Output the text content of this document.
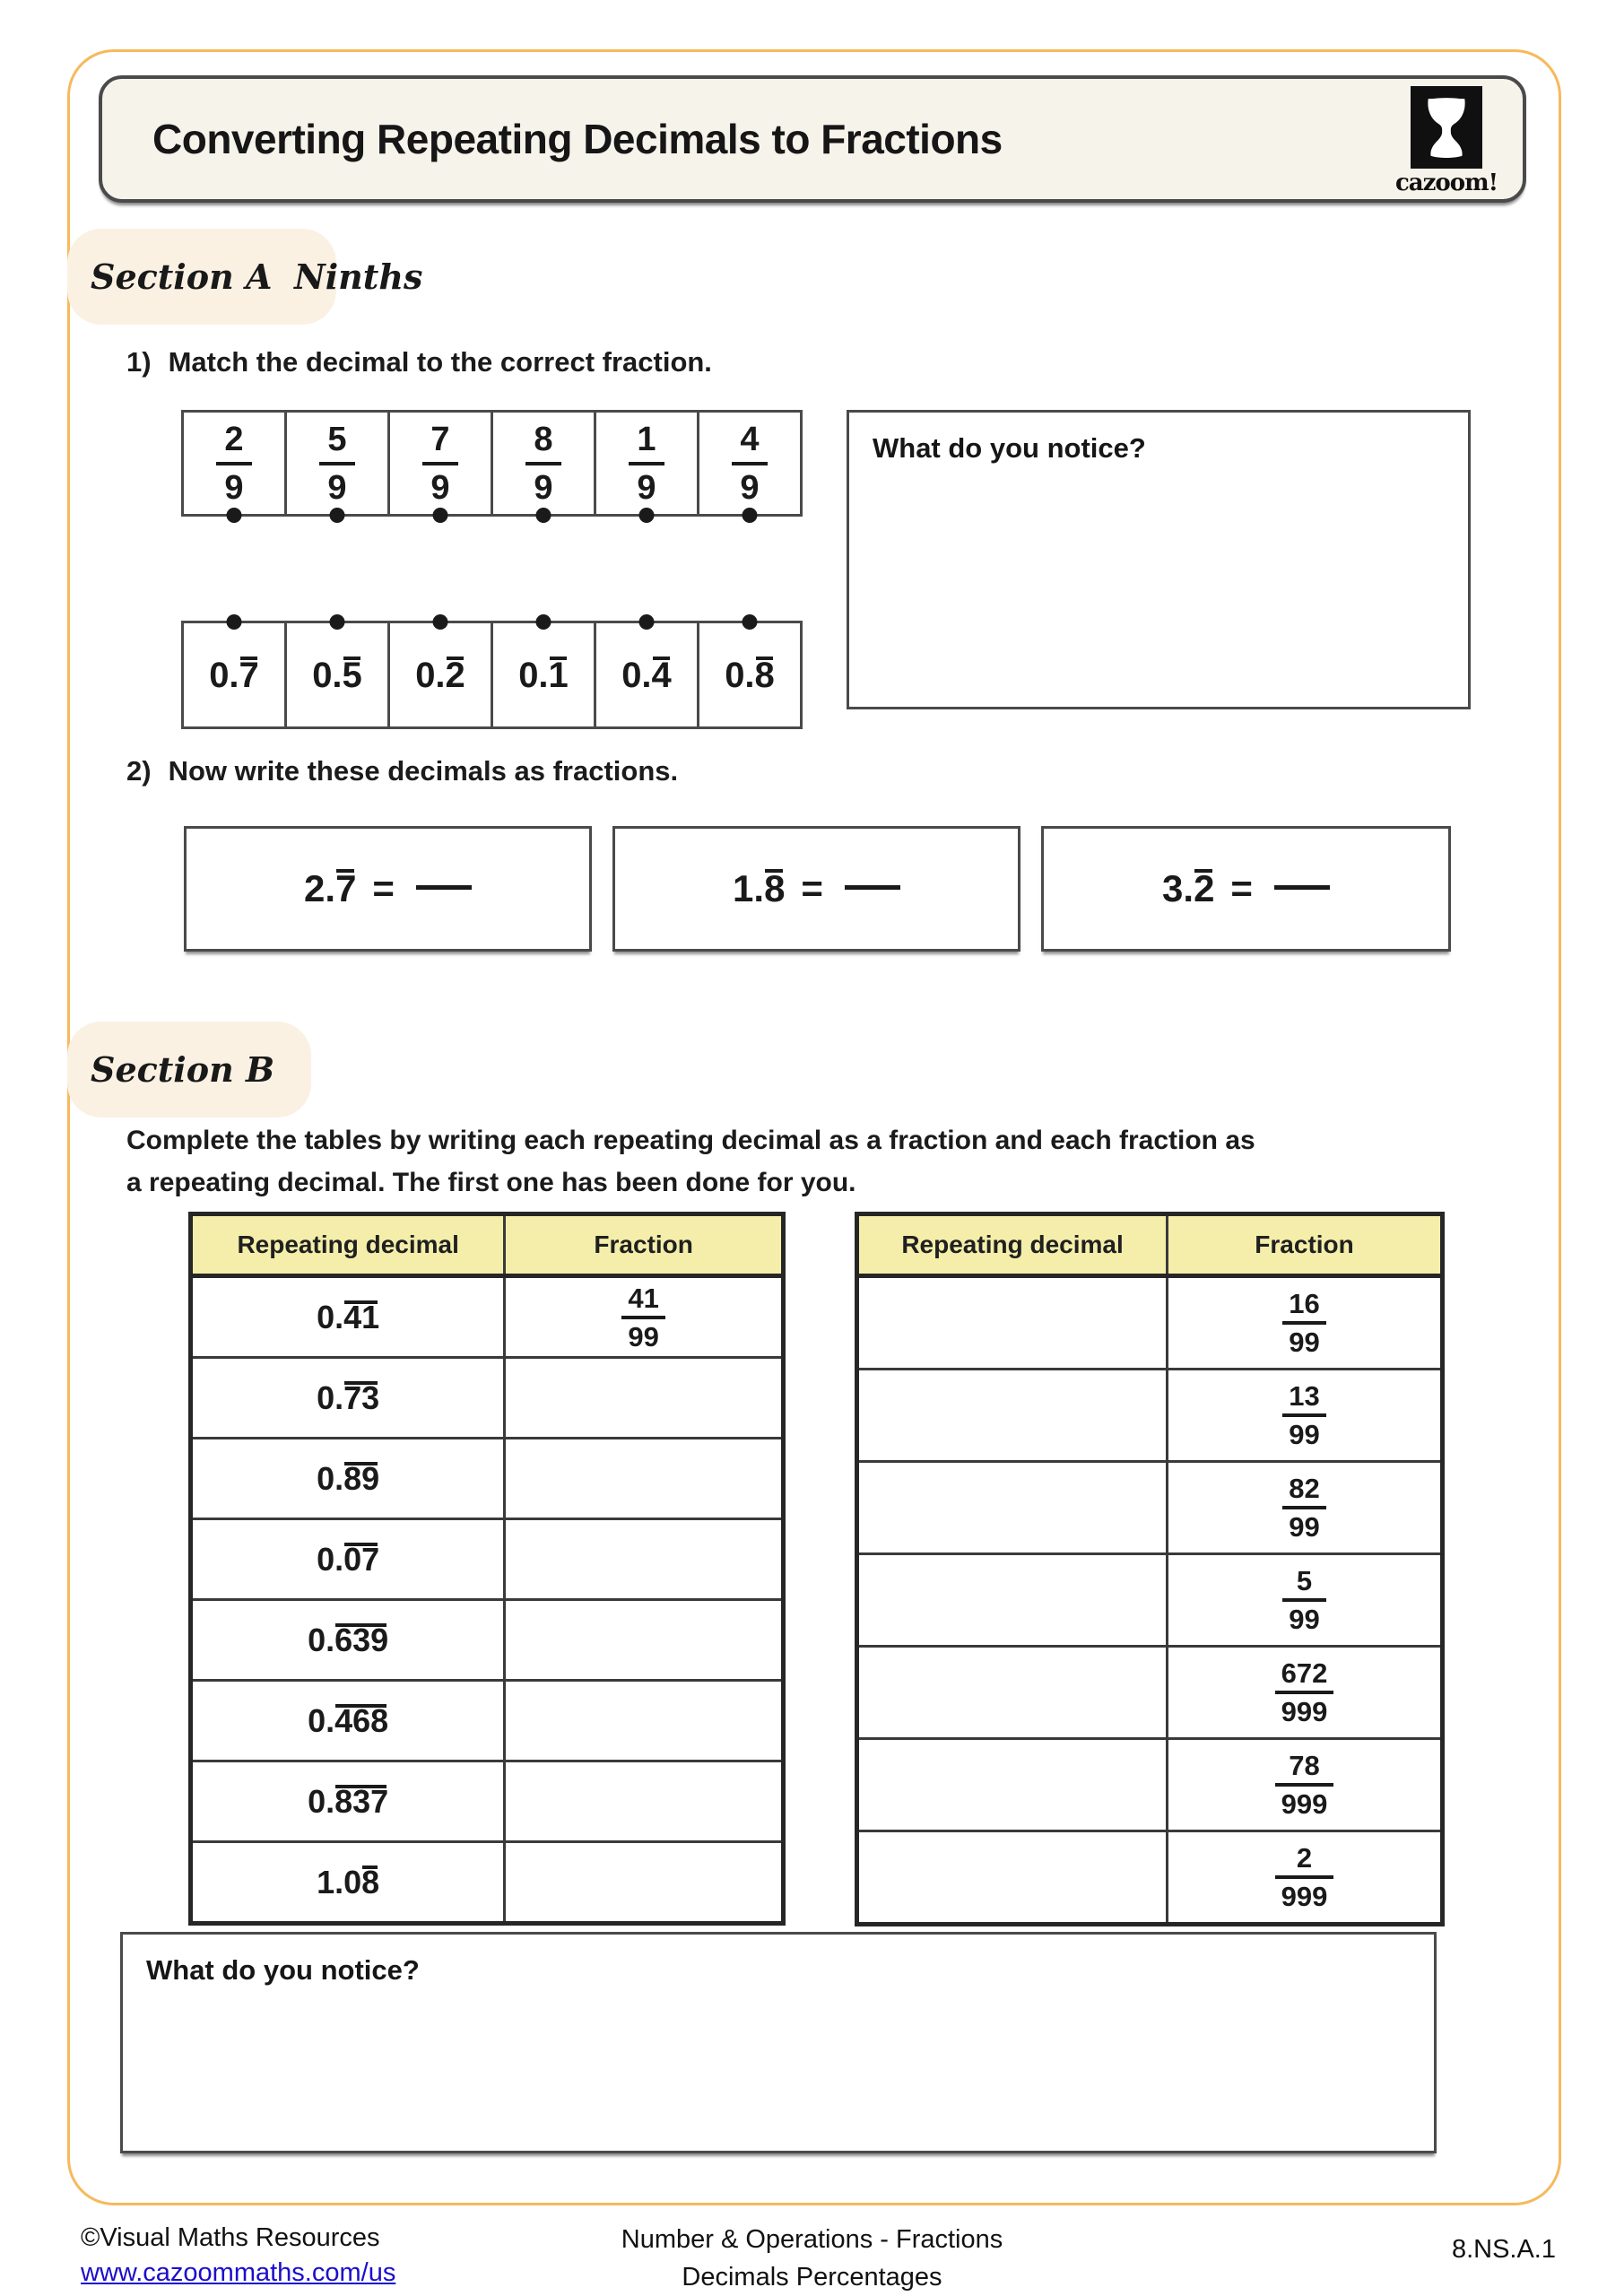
Converting Repeating Decimals to Fractions
cazoom!
Section A Ninths
1) Match the decimal to the correct fraction.
$\frac{2}{9} \frac{5}{9} \frac{7}{9} \frac{8}{9} \frac{1}{9} \frac{4}{9}$	What do you notice?
0.7 0.5 0.2 0.1 0.4 0.8
2) Now write these decimals as fractions.
2.7 =	1.8 =	3.2 =
Section B
Complete the tables by writing each repeating decimal as a fraction and each fraction as
a repeating decimal. The first one has been done for you.
Repeating decimal	Fraction
0.41	$\frac{41}{99}$

0.73	
0.89	
0.07	
0.639	
0.468	
0.837	
1.08	
Repeating decimal	Fraction

	$\frac{16}{99}$

	$\frac{13}{99}$

	$\frac{82}{99}$

	$\frac{5}{99}$

	$\frac{672}{999}$

	$\frac{78}{999}$

	$\frac{2}{999}$
What do you notice?
©Visual Maths Resources
www.cazoommaths.com/us
Number & Operations - Fractions
Decimals Percentages
8.NS.A.1
